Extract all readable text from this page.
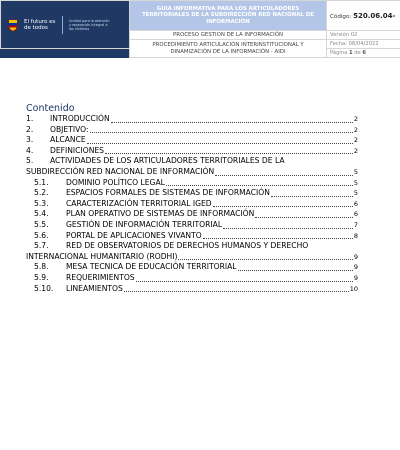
El futuro es de todos
Unidad para la atención y reparación integral a las víctimas	GUIA INFORMATIVA PARA LOS ARTICULADORES TERRITORIALES DE LA SUBDIRECCIÓN RED NACIONAL DE INFORMACIÓN	Código: 520.06.04-
	PROCESO GESTION DE LA INFORMACIÓN	Versión 02
	PROCEDIMIENTO ARTICULACIÓN INTERINSTITUCIONAL Y DINAMIZACIÓN DE LA INFORMACIÓN - AIDI	Fecha: 08/04/2022
		Página 1 de 6
Contenido
1.	INTRODUCCIÓN	2
2.	OBJETIVO:	2
3.	ALCANCE	2
4.	DEFINICIONES	2
5.	ACTIVIDADES DE LOS ARTICULADORES TERRITORIALES DE LA
SUBDIRECCIÓN RED NACIONAL DE INFORMACIÓN	5
5.1.	DOMINIO POLÍTICO LEGAL	5
5.2.	ESPACIOS FORMALES DE SISTEMAS DE INFORMACIÓN	5
5.3.	CARACTERIZACIÓN TERRITORIAL IGED	6
5.4.	PLAN OPERATIVO DE SISTEMAS DE INFORMACIÓN	6
5.5.	GESTIÓN DE INFORMACIÓN TERRITORIAL	7
5.6.	PORTAL DE APLICACIONES VIVANTO	8
5.7.	RED DE OBSERVATORIOS DE DERECHOS HUMANOS Y DERECHO
INTERNACIONAL HUMANITARIO (RODHI)	9
5.8.	MESA TECNICA DE EDUCACIÓN TERRITORIAL	9
5.9.	REQUERIMIENTOS	9
5.10.	LINEAMIENTOS	10
